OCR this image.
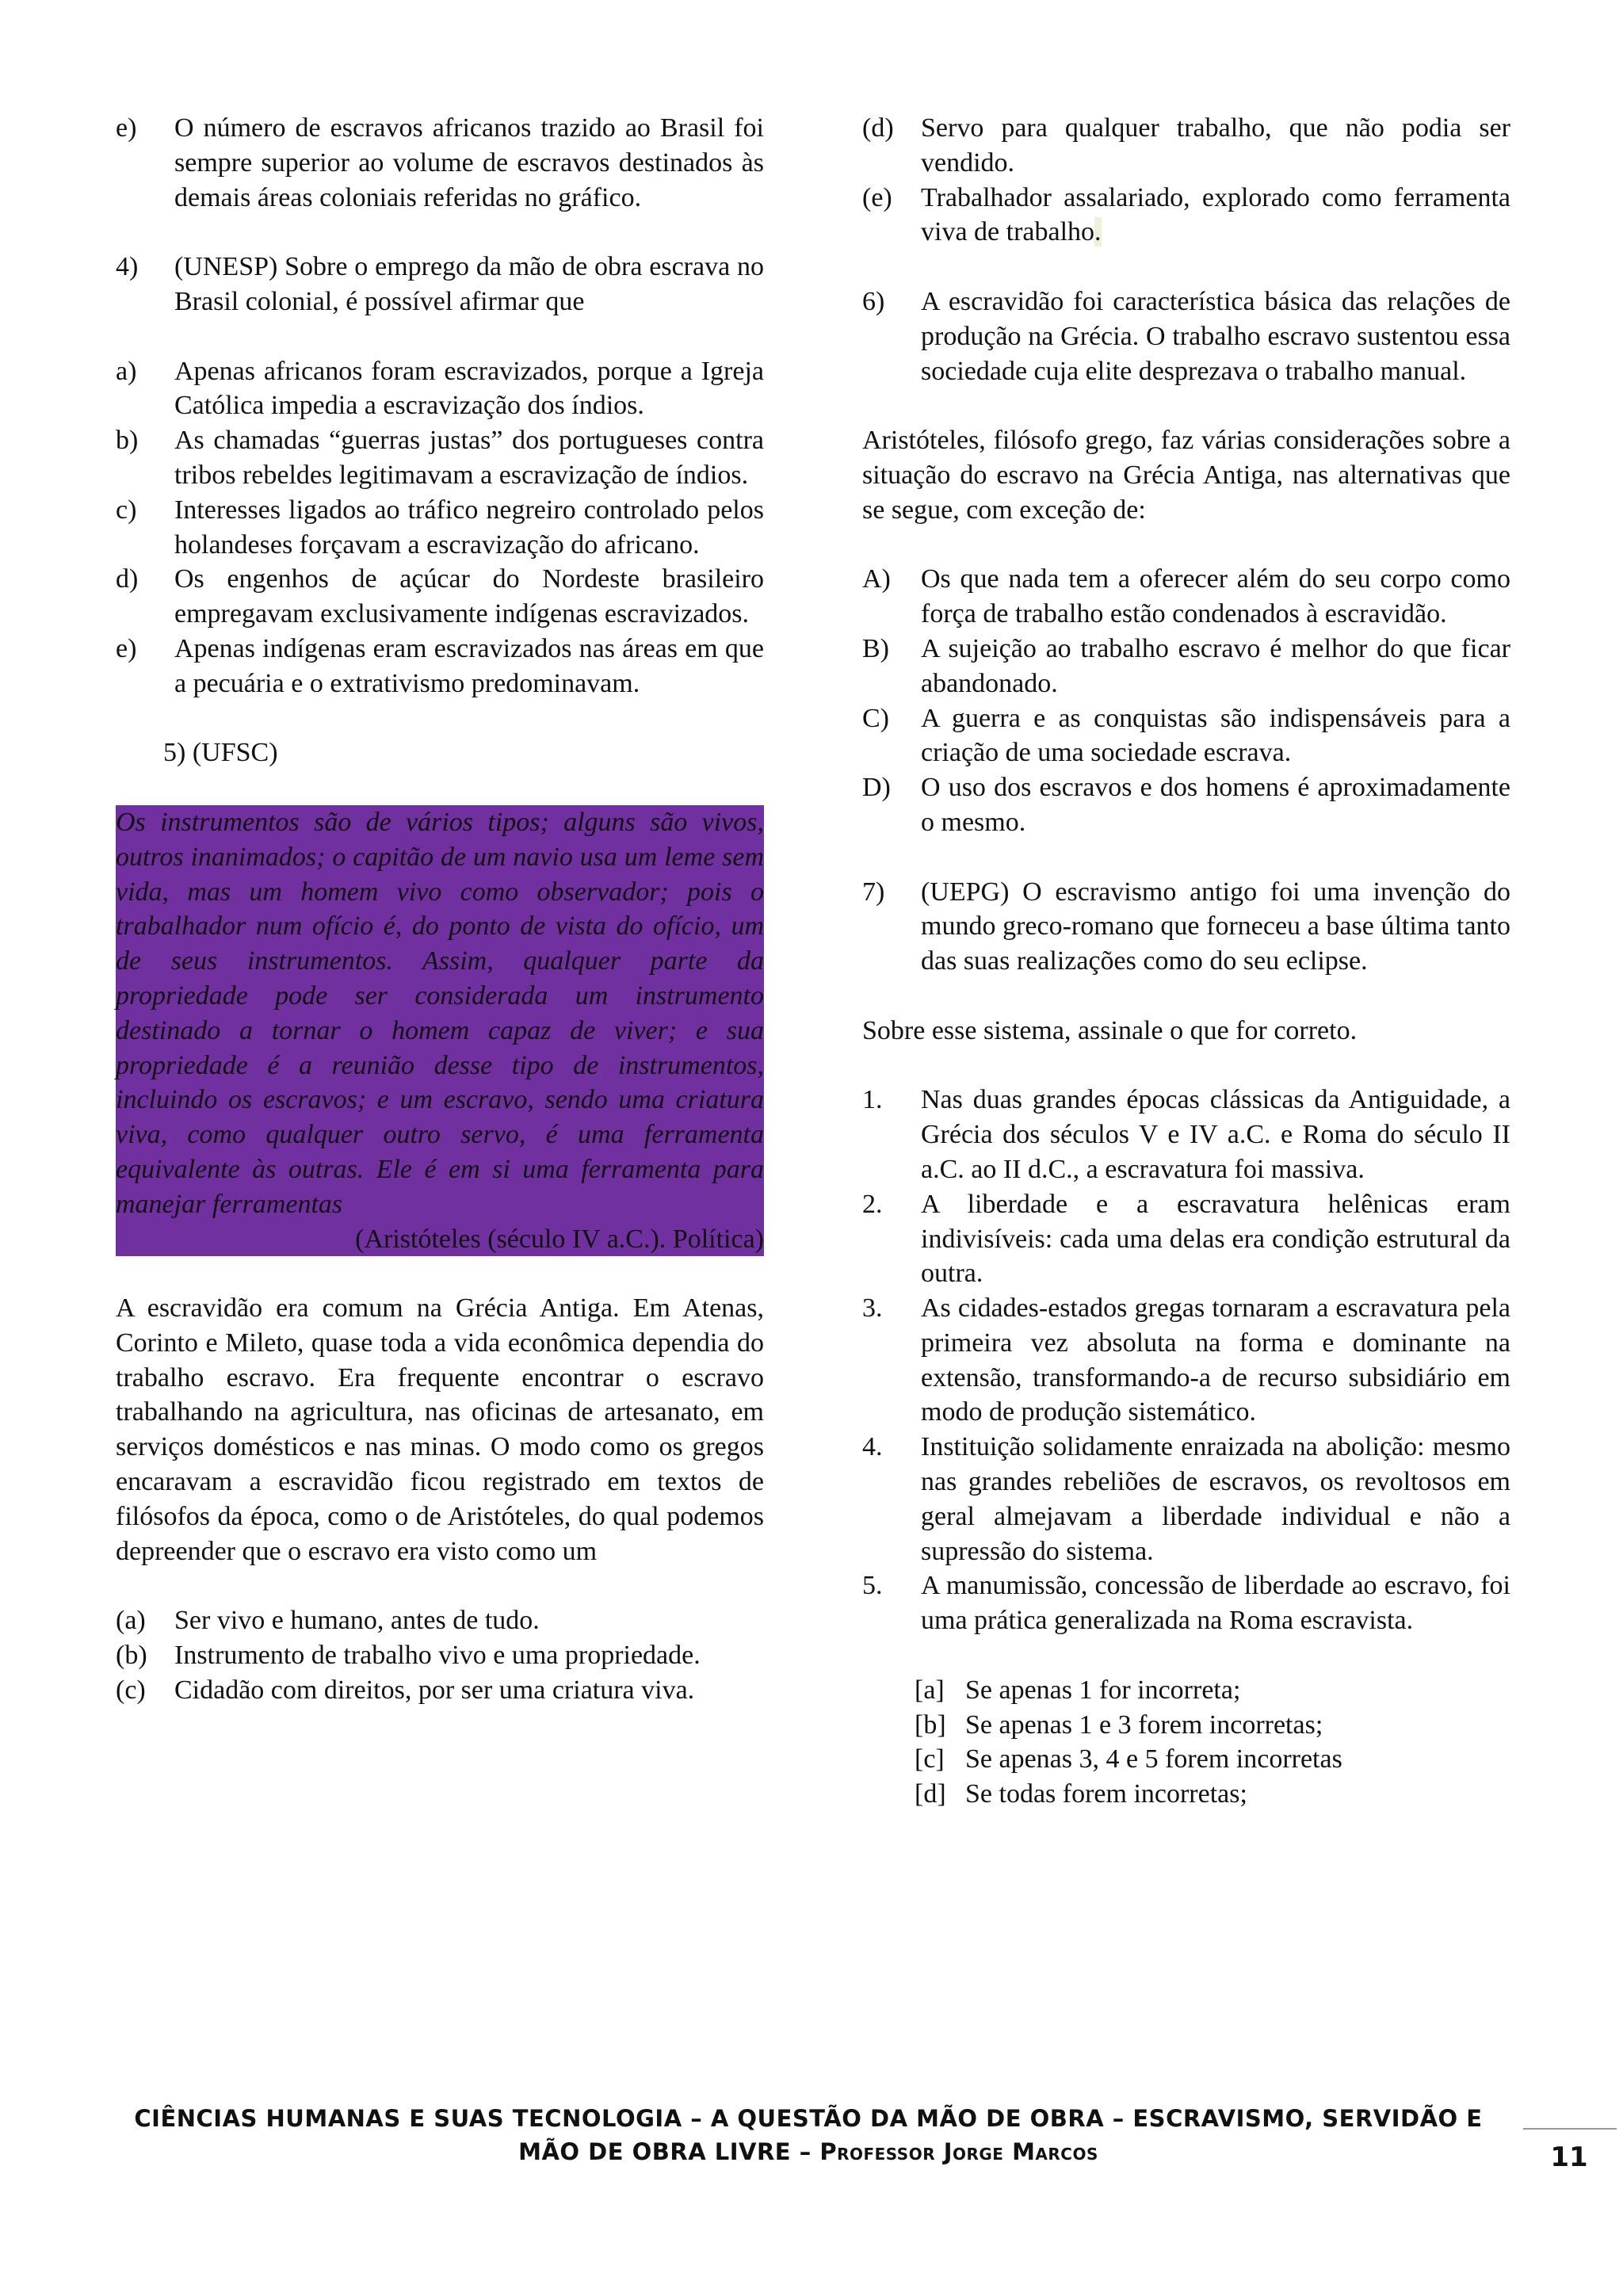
e)	O número de escravos africanos trazido ao Brasil foi sempre superior ao volume de escravos destinados às demais áreas coloniais referidas no gráfico.
4)	(UNESP) Sobre o emprego da mão de obra escrava no Brasil colonial, é possível afirmar que
a)	Apenas africanos foram escravizados, porque a Igreja Católica impedia a escravização dos índios.
b)	As chamadas “guerras justas” dos portugueses contra tribos rebeldes legitimavam a escravização de índios.
c)	Interesses ligados ao tráfico negreiro controlado pelos holandeses forçavam a escravização do africano.
d)	Os engenhos de açúcar do Nordeste brasileiro empregavam exclusivamente indígenas escravizados.
e)	Apenas indígenas eram escravizados nas áreas em que a pecuária e o extrativismo predominavam.
5) (UFSC)
Os instrumentos são de vários tipos; alguns são vivos, outros inanimados; o capitão de um navio usa um leme sem vida, mas um homem vivo como observador; pois o trabalhador num ofício é, do ponto de vista do ofício, um de seus instrumentos. Assim, qualquer parte da propriedade pode ser considerada um instrumento destinado a tornar o homem capaz de viver; e sua propriedade é a reunião desse tipo de instrumentos, incluindo os escravos; e um escravo, sendo uma criatura viva, como qualquer outro servo, é uma ferramenta equivalente às outras. Ele é em si uma ferramenta para manejar ferramentas
(Aristóteles (século IV a.C.). Política)
A escravidão era comum na Grécia Antiga. Em Atenas, Corinto e Mileto, quase toda a vida econômica dependia do trabalho escravo. Era frequente encontrar o escravo trabalhando na agricultura, nas oficinas de artesanato, em serviços domésticos e nas minas. O modo como os gregos encaravam a escravidão ficou registrado em textos de filósofos da época, como o de Aristóteles, do qual podemos depreender que o escravo era visto como um
(a)	Ser vivo e humano, antes de tudo.
(b)	Instrumento de trabalho vivo e uma propriedade.
(c)	Cidadão com direitos, por ser uma criatura viva.
(d)	Servo para qualquer trabalho, que não podia ser vendido.
(e)	Trabalhador assalariado, explorado como ferramenta viva de trabalho.
6)	A escravidão foi característica básica das relações de produção na Grécia. O trabalho escravo sustentou essa sociedade cuja elite desprezava o trabalho manual.
Aristóteles, filósofo grego, faz várias considerações sobre a situação do escravo na Grécia Antiga, nas alternativas que se segue, com exceção de:
A)	Os que nada tem a oferecer além do seu corpo como força de trabalho estão condenados à escravidão.
B)	A sujeição ao trabalho escravo é melhor do que ficar abandonado.
C)	A guerra e as conquistas são indispensáveis para a criação de uma sociedade escrava.
D)	O uso dos escravos e dos homens é aproximadamente o mesmo.
7)	(UEPG) O escravismo antigo foi uma invenção do mundo greco-romano que forneceu a base última tanto das suas realizações como do seu eclipse.
Sobre esse sistema, assinale o que for correto.
1.	Nas duas grandes épocas clássicas da Antiguidade, a Grécia dos séculos V e IV a.C. e Roma do século II a.C. ao II d.C., a escravatura foi massiva.
2.	A liberdade e a escravatura helênicas eram indivisíveis: cada uma delas era condição estrutural da outra.
3.	As cidades-estados gregas tornaram a escravatura pela primeira vez absoluta na forma e dominante na extensão, transformando-a de recurso subsidiário em modo de produção sistemático.
4.	Instituição solidamente enraizada na abolição: mesmo nas grandes rebeliões de escravos, os revoltosos em geral almejavam a liberdade individual e não a supressão do sistema.
5.	A manumissão, concessão de liberdade ao escravo, foi uma prática generalizada na Roma escravista.
[a] Se apenas 1 for incorreta;
[b] Se apenas 1 e 3 forem incorretas;
[c] Se apenas 3, 4 e 5 forem incorretas
[d] Se todas forem incorretas;
CIÊNCIAS HUMANAS E SUAS TECNOLOGIA – A QUESTÃO DA MÃO DE OBRA – ESCRAVISMO, SERVIDÃO E
MÃO DE OBRA LIVRE – Professor Jorge Marcos	11
